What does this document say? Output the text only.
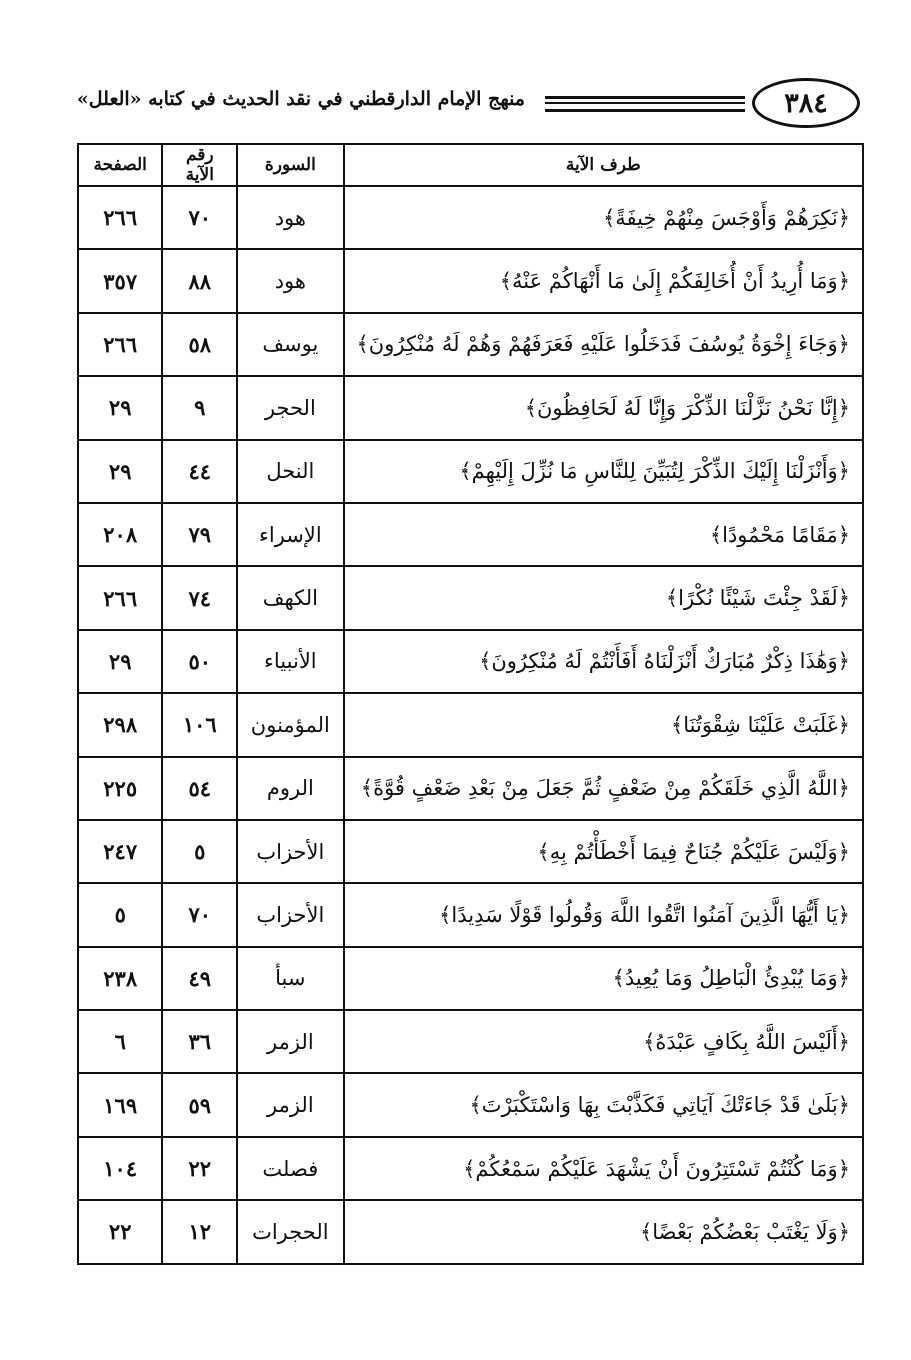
٣٨٤
منهج الإمام الدارقطني في نقد الحديث في كتابه «العلل»
طرف الآية	السورة	رقم الآية	الصفحة
﴿نَكِرَهُمْ وَأَوْجَسَ مِنْهُمْ خِيفَةً﴾	هود	٧٠	٢٦٦
﴿وَمَا أُرِيدُ أَنْ أُخَالِفَكُمْ إِلَىٰ مَا أَنْهَاكُمْ عَنْهُ﴾	هود	٨٨	٣٥٧
﴿وَجَاءَ إِخْوَةُ يُوسُفَ فَدَخَلُوا عَلَيْهِ فَعَرَفَهُمْ وَهُمْ لَهُ مُنْكِرُونَ﴾	يوسف	٥٨	٢٦٦
﴿إِنَّا نَحْنُ نَزَّلْنَا الذِّكْرَ وَإِنَّا لَهُ لَحَافِظُونَ﴾	الحجر	٩	٢٩
﴿وَأَنْزَلْنَا إِلَيْكَ الذِّكْرَ لِتُبَيِّنَ لِلنَّاسِ مَا نُزِّلَ إِلَيْهِمْ﴾	النحل	٤٤	٢٩
﴿مَقَامًا مَحْمُودًا﴾	الإسراء	٧٩	٢٠٨
﴿لَقَدْ جِئْتَ شَيْئًا نُكْرًا﴾	الكهف	٧٤	٢٦٦
﴿وَهَٰذَا ذِكْرٌ مُبَارَكٌ أَنْزَلْنَاهُ أَفَأَنْتُمْ لَهُ مُنْكِرُونَ﴾	الأنبياء	٥٠	٢٩
﴿غَلَبَتْ عَلَيْنَا شِقْوَتُنَا﴾	المؤمنون	١٠٦	٢٩٨
﴿اللَّهُ الَّذِي خَلَقَكُمْ مِنْ ضَعْفٍ ثُمَّ جَعَلَ مِنْ بَعْدِ ضَعْفٍ قُوَّةً﴾	الروم	٥٤	٢٢٥
﴿وَلَيْسَ عَلَيْكُمْ جُنَاحٌ فِيمَا أَخْطَأْتُمْ بِهِ﴾	الأحزاب	٥	٢٤٧
﴿يَا أَيُّهَا الَّذِينَ آمَنُوا اتَّقُوا اللَّهَ وَقُولُوا قَوْلًا سَدِيدًا﴾	الأحزاب	٧٠	٥
﴿وَمَا يُبْدِئُ الْبَاطِلُ وَمَا يُعِيدُ﴾	سبأ	٤٩	٢٣٨
﴿أَلَيْسَ اللَّهُ بِكَافٍ عَبْدَهُ﴾	الزمر	٣٦	٦
﴿بَلَىٰ قَدْ جَاءَتْكَ آيَاتِي فَكَذَّبْتَ بِهَا وَاسْتَكْبَرْتَ﴾	الزمر	٥٩	١٦٩
﴿وَمَا كُنْتُمْ تَسْتَتِرُونَ أَنْ يَشْهَدَ عَلَيْكُمْ سَمْعُكُمْ﴾	فصلت	٢٢	١٠٤
﴿وَلَا يَغْتَبْ بَعْضُكُمْ بَعْضًا﴾	الحجرات	١٢	٢٢
